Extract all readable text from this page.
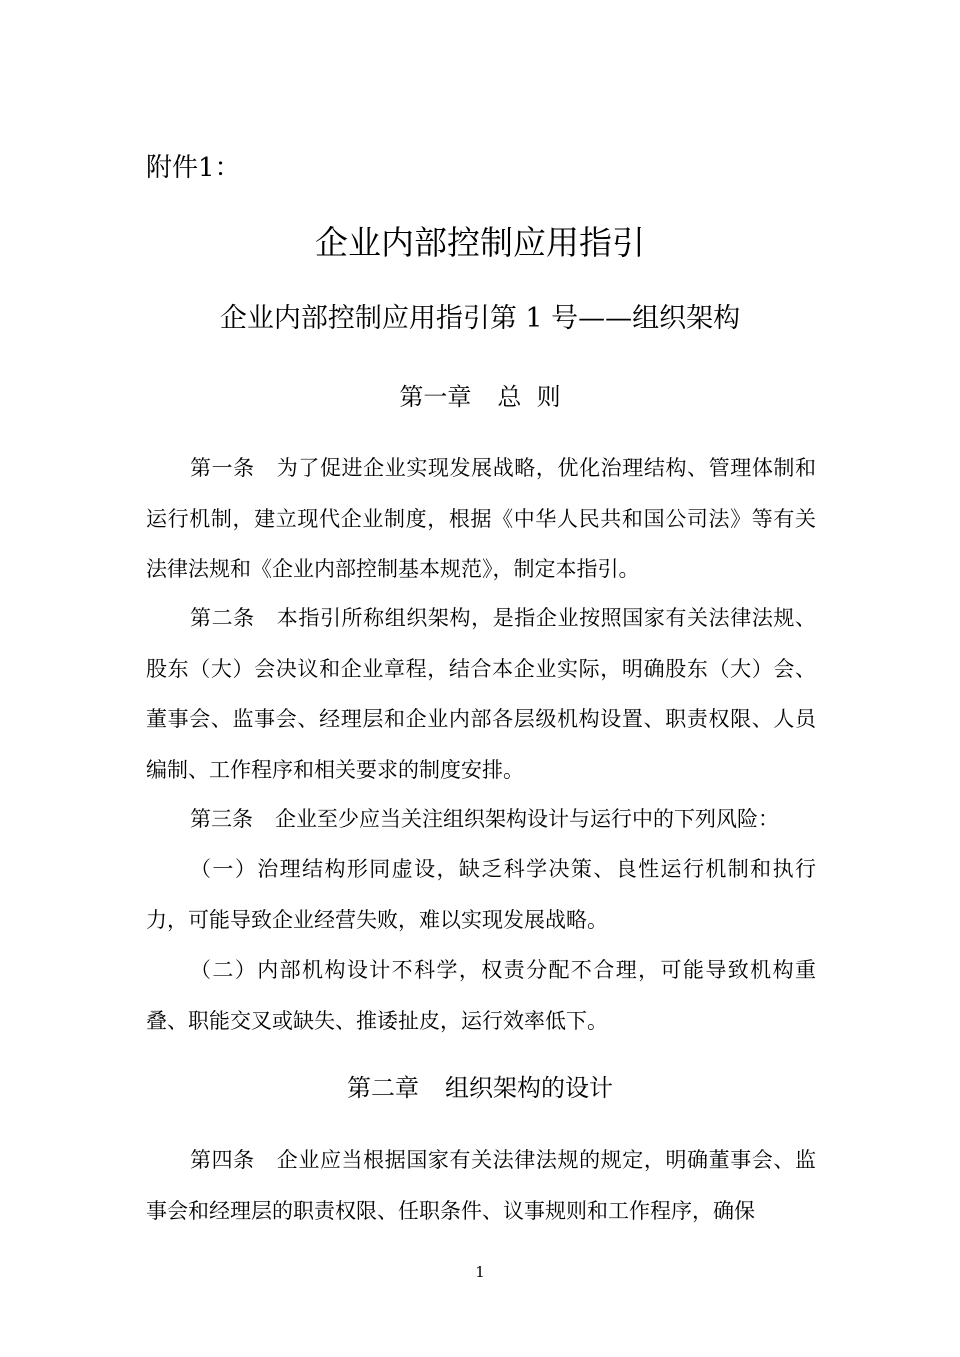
附件1：
企业内部控制应用指引
企业内部控制应用指引第 1 号——组织架构
第一章 总  则
第一条 为了促进企业实现发展战略，优化治理结构、管理体制和运行机制，建立现代企业制度，根据《中华人民共和国公司法》等有关法律法规和《企业内部控制基本规范》，制定本指引。
第二条 本指引所称组织架构，是指企业按照国家有关法律法规、股东（大）会决议和企业章程，结合本企业实际，明确股东（大）会、董事会、监事会、经理层和企业内部各层级机构设置、职责权限、人员编制、工作程序和相关要求的制度安排。
第三条 企业至少应当关注组织架构设计与运行中的下列风险：
（一）治理结构形同虚设，缺乏科学决策、良性运行机制和执行力，可能导致企业经营失败，难以实现发展战略。
（二）内部机构设计不科学，权责分配不合理，可能导致机构重叠、职能交叉或缺失、推诿扯皮，运行效率低下。
第二章 组织架构的设计
第四条 企业应当根据国家有关法律法规的规定，明确董事会、监事会和经理层的职责权限、任职条件、议事规则和工作程序，确保
1
